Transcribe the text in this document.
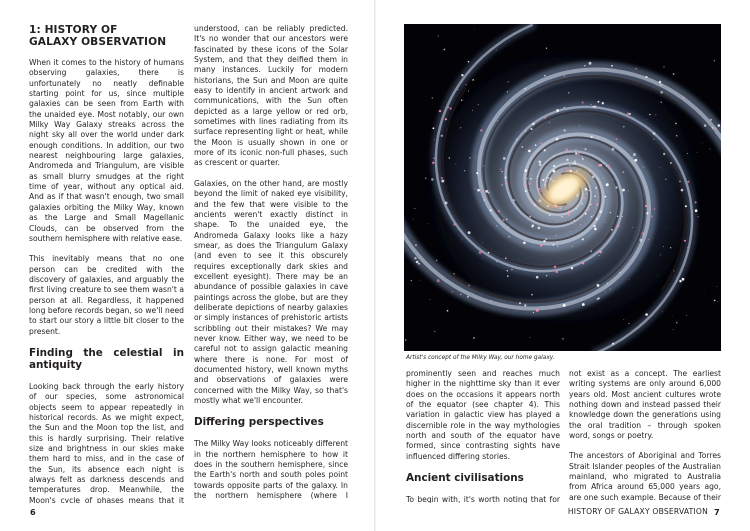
1: HISTORY OF
GALAXY OBSERVATION

When it comes to the history of humans observing galaxies, there is unfortunately no neatly definable starting point for us, since multiple galaxies can be seen from Earth with the unaided eye. Most notably, our own Milky Way Galaxy streaks across the night sky all over the world under dark enough conditions. In addition, our two nearest neighbouring large galaxies, Andromeda and Triangulum, are visible as small blurry smudges at the right time of year, without any optical aid. And as if that wasn't enough, two small galaxies orbiting the Milky Way, known as the Large and Small Magellanic Clouds, can be observed from the southern hemisphere with relative ease.

This inevitably means that no one person can be credited with the discovery of galaxies, and arguably the first living creature to see them wasn't a person at all. Regardless, it happened long before records began, so we'll need to start our story a little bit closer to the present.

Finding the celestial in antiquity

Looking back through the early history of our species, some astronomical objects seem to appear repeatedly in historical records. As we might expect, the Sun and the Moon top the list, and this is hardly surprising. Their relative size and brightness in our skies make them hard to miss, and in the case of the Sun, its absence each night is always felt as darkness descends and temperatures drop. Meanwhile, the Moon's cycle of phases means that it

understood, can be reliably predicted. It's no wonder that our ancestors were fascinated by these icons of the Solar System, and that they deified them in many instances. Luckily for modern historians, the Sun and Moon are quite easy to identify in ancient artwork and communications, with the Sun often depicted as a large yellow or red orb, sometimes with lines radiating from its surface representing light or heat, while the Moon is usually shown in one or more of its iconic non-full phases, such as crescent or quarter.

Galaxies, on the other hand, are mostly beyond the limit of naked eye visibility, and the few that were visible to the ancients weren't exactly distinct in shape. To the unaided eye, the Andromeda Galaxy looks like a hazy smear, as does the Triangulum Galaxy (and even to see it this obscurely requires exceptionally dark skies and excellent eyesight). There may be an abundance of possible galaxies in cave paintings across the globe, but are they deliberate depictions of nearby galaxies or simply instances of prehistoric artists scribbling out their mistakes? We may never know. Either way, we need to be careful not to assign galactic meaning where there is none. For most of documented history, well known myths and observations of galaxies were concerned with the Milky Way, so that's mostly what we'll encounter.

Differing perspectives

The Milky Way looks noticeably different in the northern hemisphere to how it does in the southern hemisphere, since the Earth's north and south poles point towards opposite parts of the galaxy. In the northern hemisphere (where I

6
Artist's concept of the Milky Way, our home galaxy.

prominently seen and reaches much higher in the nighttime sky than it ever does on the occasions it appears north of the equator (see chapter 4). This variation in galactic view has played a discernible role in the way mythologies north and south of the equator have formed, since contrasting sights have influenced differing stories.

Ancient civilisations

To begin with, it's worth noting that for

not exist as a concept. The earliest writing systems are only around 6,000 years old. Most ancient cultures wrote nothing down and instead passed their knowledge down the generations using the oral tradition – through spoken word, songs or poetry.

The ancestors of Aboriginal and Torres Strait Islander peoples of the Australian mainland, who migrated to Australia from Africa around 65,000 years ago, are one such example. Because of their

HISTORY OF GALAXY OBSERVATION 7
